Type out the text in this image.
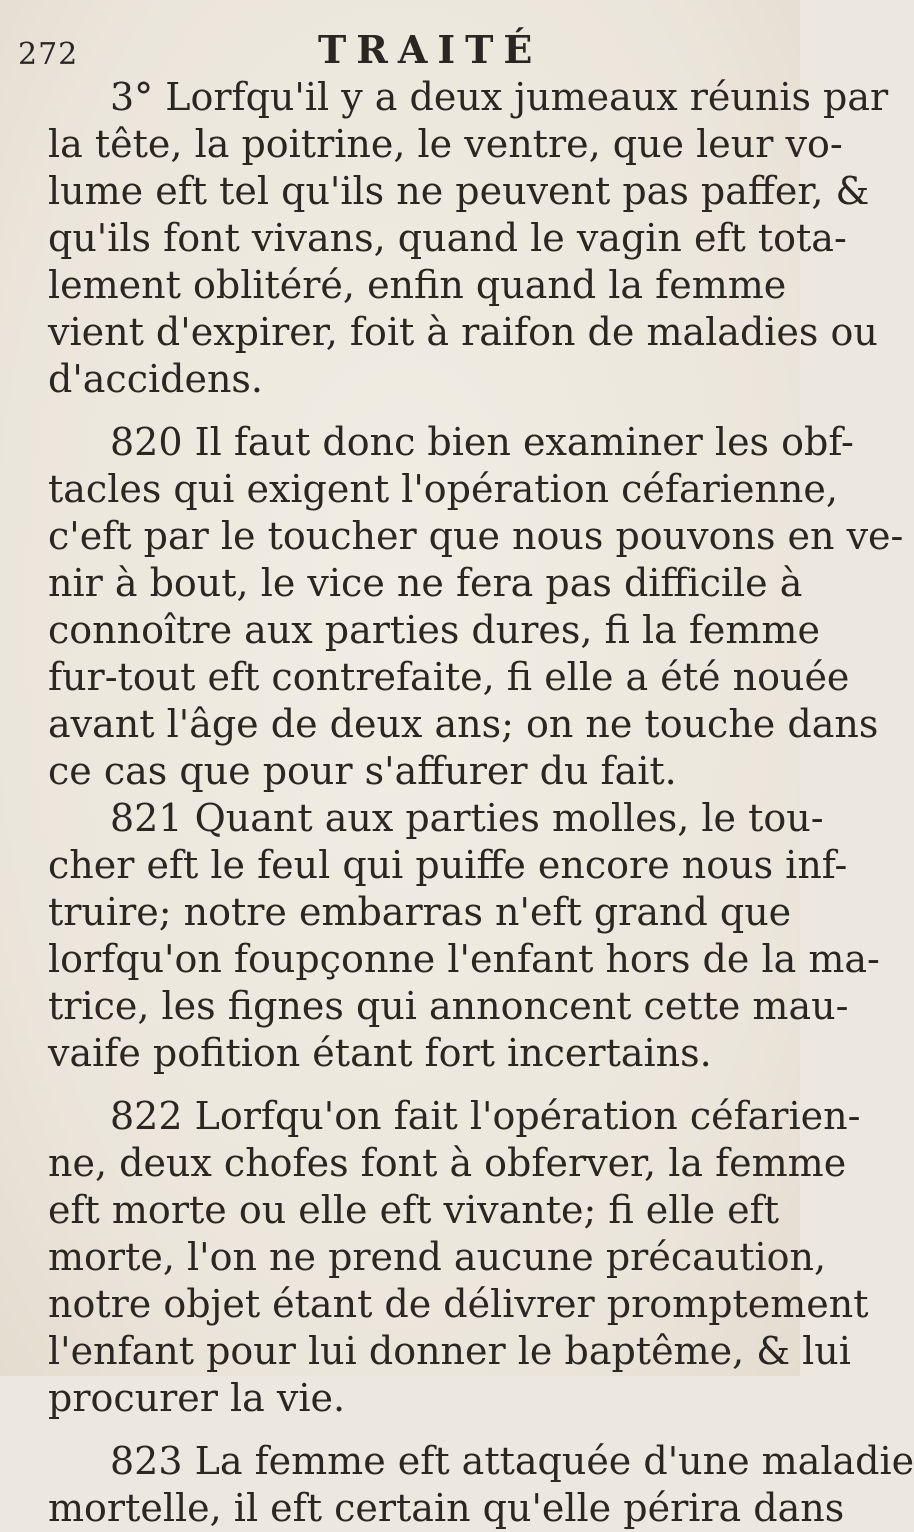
272	TRAITÉ
3° Lorfqu'il y a deux jumeaux réunis par
la tête, la poitrine, le ventre, que leur vo-
lume eft tel qu'ils ne peuvent pas paffer, &
qu'ils font vivans, quand le vagin eft tota-
lement oblitéré, enfin quand la femme
vient d'expirer, foit à raifon de maladies ou
d'accidens.
820 Il faut donc bien examiner les obf-
tacles qui exigent l'opération céfarienne,
c'eft par le toucher que nous pouvons en ve-
nir à bout, le vice ne fera pas difficile à
connoître aux parties dures, fi la femme
fur-tout eft contrefaite, fi elle a été nouée
avant l'âge de deux ans; on ne touche dans
ce cas que pour s'affurer du fait.
821 Quant aux parties molles, le tou-
cher eft le feul qui puiffe encore nous inf-
truire; notre embarras n'eft grand que
lorfqu'on foupçonne l'enfant hors de la ma-
trice, les fignes qui annoncent cette mau-
vaife pofition étant fort incertains.
822 Lorfqu'on fait l'opération céfarien-
ne, deux chofes font à obferver, la femme
eft morte ou elle eft vivante; fi elle eft
morte, l'on ne prend aucune précaution,
notre objet étant de délivrer promptement
l'enfant pour lui donner le baptême, & lui
procurer la vie.
823 La femme eft attaquée d'une maladie
mortelle, il eft certain qu'elle périra dans
